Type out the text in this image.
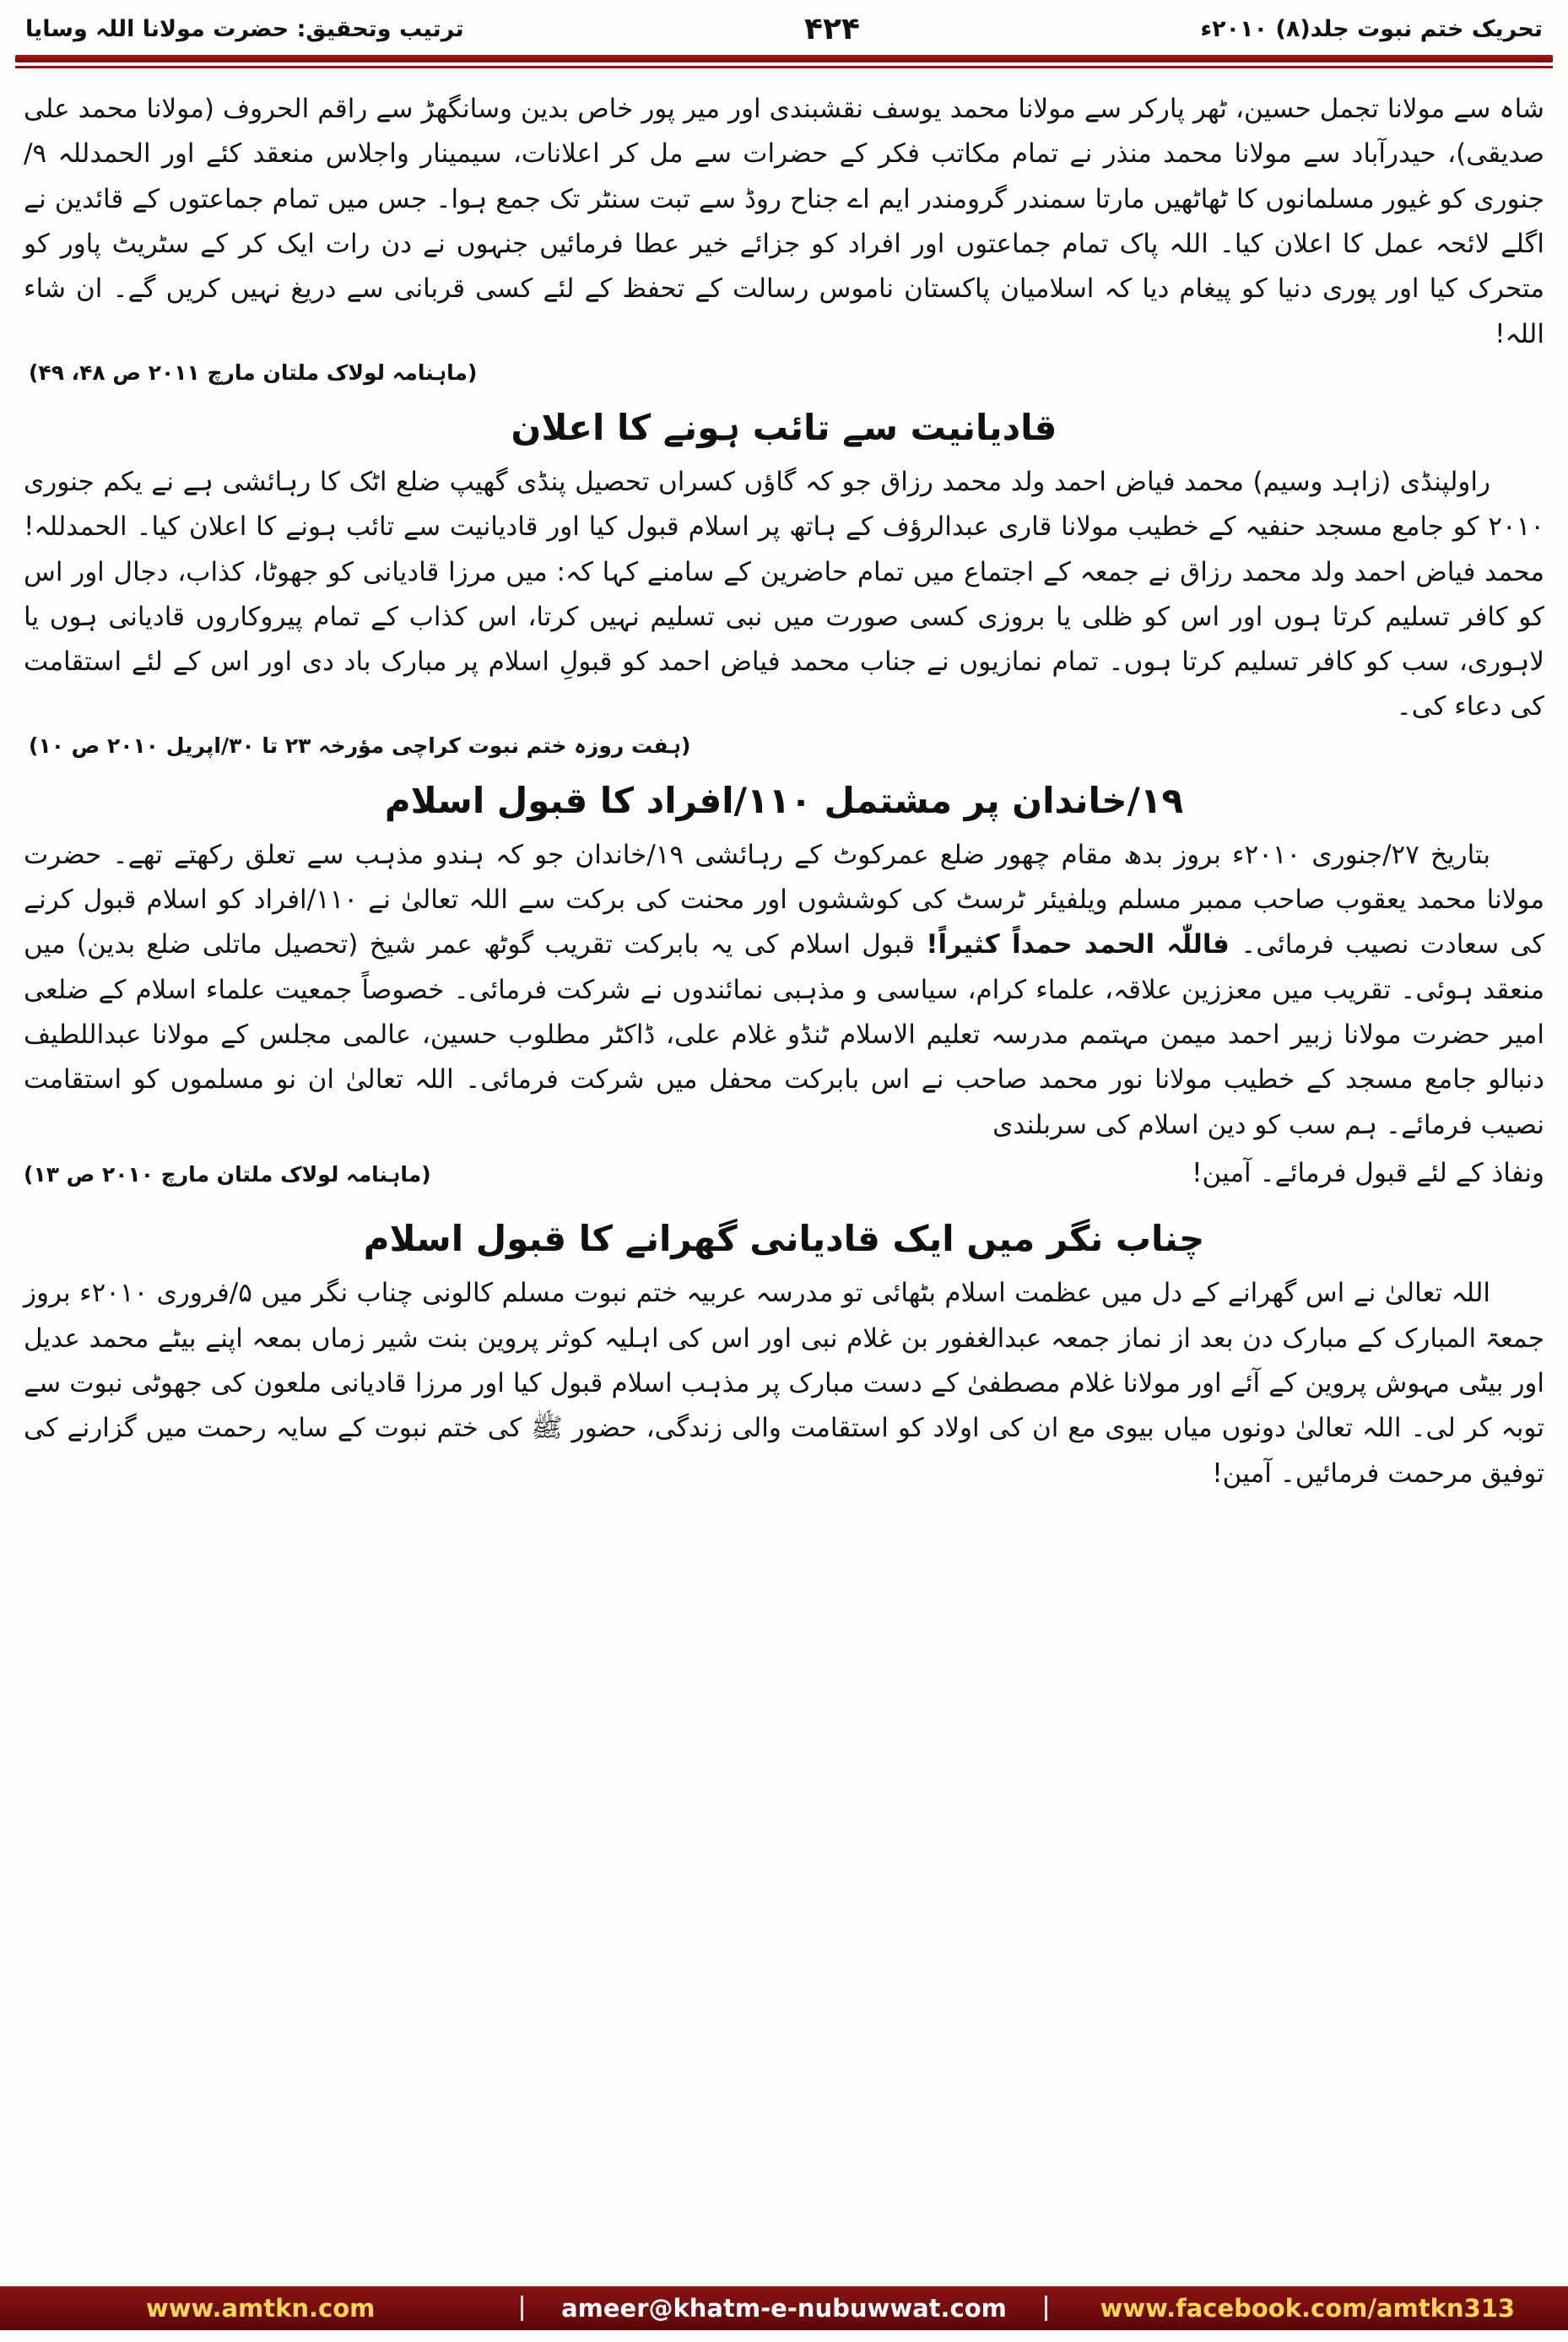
تحریک ختم نبوت جلد(۸) ۲۰۱۰ء
۴۲۴
ترتیب وتحقیق: حضرت مولانا اللہ وسایا

شاہ سے مولانا تجمل حسین، ٹھر پارکر سے مولانا محمد یوسف نقشبندی اور میر پور خاص بدین وسانگھڑ سے راقم الحروف (مولانا محمد علی صدیقی)، حیدرآباد سے مولانا محمد منذر نے تمام مکاتب فکر کے حضرات سے مل کر اعلانات، سیمینار واجلاس منعقد کئے اور الحمدللہ ۹/جنوری کو غیور مسلمانوں کا ٹھاٹھیں مارتا سمندر گرومندر ایم اے جناح روڈ سے تبت سنٹر تک جمع ہوا۔ جس میں تمام جماعتوں کے قائدین نے اگلے لائحہ عمل کا اعلان کیا۔ اللہ پاک تمام جماعتوں اور افراد کو جزائے خیر عطا فرمائیں جنہوں نے دن رات ایک کر کے سٹریٹ پاور کو متحرک کیا اور پوری دنیا کو پیغام دیا کہ اسلامیان پاکستان ناموس رسالت کے تحفظ کے لئے کسی قربانی سے دریغ نہیں کریں گے۔ ان شاء اللہ!

(ماہنامہ لولاک ملتان مارچ ۲۰۱۱ ص ۴۸، ۴۹)
قادیانیت سے تائب ہونے کا اعلان

راولپنڈی (زاہد وسیم) محمد فیاض احمد ولد محمد رزاق جو کہ گاؤں کسراں تحصیل پنڈی گھیپ ضلع اٹک کا رہائشی ہے نے یکم جنوری ۲۰۱۰ کو جامع مسجد حنفیہ کے خطیب مولانا قاری عبدالرؤف کے ہاتھ پر اسلام قبول کیا اور قادیانیت سے تائب ہونے کا اعلان کیا۔ الحمدللہ! محمد فیاض احمد ولد محمد رزاق نے جمعہ کے اجتماع میں تمام حاضرین کے سامنے کہا کہ: میں مرزا قادیانی کو جھوٹا، کذاب، دجال اور اس کو کافر تسلیم کرتا ہوں اور اس کو ظلی یا بروزی کسی صورت میں نبی تسلیم نہیں کرتا، اس کذاب کے تمام پیروکاروں قادیانی ہوں یا لاہوری، سب کو کافر تسلیم کرتا ہوں۔ تمام نمازیوں نے جناب محمد فیاض احمد کو قبولِ اسلام پر مبارک باد دی اور اس کے لئے استقامت کی دعاء کی۔

(ہفت روزہ ختم نبوت کراچی مؤرخہ ۲۳ تا ۳۰/اپریل ۲۰۱۰ ص ۱۰)
۱۹/خاندان پر مشتمل ۱۱۰/افراد کا قبول اسلام

بتاریخ ۲۷/جنوری ۲۰۱۰ء بروز بدھ مقام چھور ضلع عمرکوٹ کے رہائشی ۱۹/خاندان جو کہ ہندو مذہب سے تعلق رکھتے تھے۔ حضرت مولانا محمد یعقوب صاحب ممبر مسلم ویلفیئر ٹرسٹ کی کوششوں اور محنت کی برکت سے اللہ تعالیٰ نے ۱۱۰/افراد کو اسلام قبول کرنے کی سعادت نصیب فرمائی۔ فاللّٰہ الحمد حمداً کثیراً! قبول اسلام کی یہ بابرکت تقریب گوٹھ عمر شیخ (تحصیل ماتلی ضلع بدین) میں منعقد ہوئی۔ تقریب میں معززین علاقہ، علماء کرام، سیاسی و مذہبی نمائندوں نے شرکت فرمائی۔ خصوصاً جمعیت علماء اسلام کے ضلعی امیر حضرت مولانا زبیر احمد میمن مہتمم مدرسہ تعلیم الاسلام ٹنڈو غلام علی، ڈاکٹر مطلوب حسین، عالمی مجلس کے مولانا عبداللطیف دنبالو جامع مسجد کے خطیب مولانا نور محمد صاحب نے اس بابرکت محفل میں شرکت فرمائی۔ اللہ تعالیٰ ان نو مسلموں کو استقامت نصیب فرمائے۔ ہم سب کو دین اسلام کی سربلندی

ونفاذ کے لئے قبول فرمائے۔ آمین!
(ماہنامہ لولاک ملتان مارچ ۲۰۱۰ ص ۱۳)
چناب نگر میں ایک قادیانی گھرانے کا قبول اسلام

اللہ تعالیٰ نے اس گھرانے کے دل میں عظمت اسلام بٹھائی تو مدرسہ عربیہ ختم نبوت مسلم کالونی چناب نگر میں ۵/فروری ۲۰۱۰ء بروز جمعۃ المبارک کے مبارک دن بعد از نماز جمعہ عبدالغفور بن غلام نبی اور اس کی اہلیہ کوثر پروین بنت شیر زماں بمعہ اپنے بیٹے محمد عدیل اور بیٹی مہوش پروین کے آئے اور مولانا غلام مصطفیٰ کے دست مبارک پر مذہب اسلام قبول کیا اور مرزا قادیانی ملعون کی جھوٹی نبوت سے توبہ کر لی۔ اللہ تعالیٰ دونوں میاں بیوی مع ان کی اولاد کو استقامت والی زندگی، حضور ﷺ کی ختم نبوت کے سایہ رحمت میں گزارنے کی توفیق مرحمت فرمائیں۔ آمین!

www.amtkn.com	ameer@khatm-e-nubuwwat.com	www.facebook.com/amtkn313
